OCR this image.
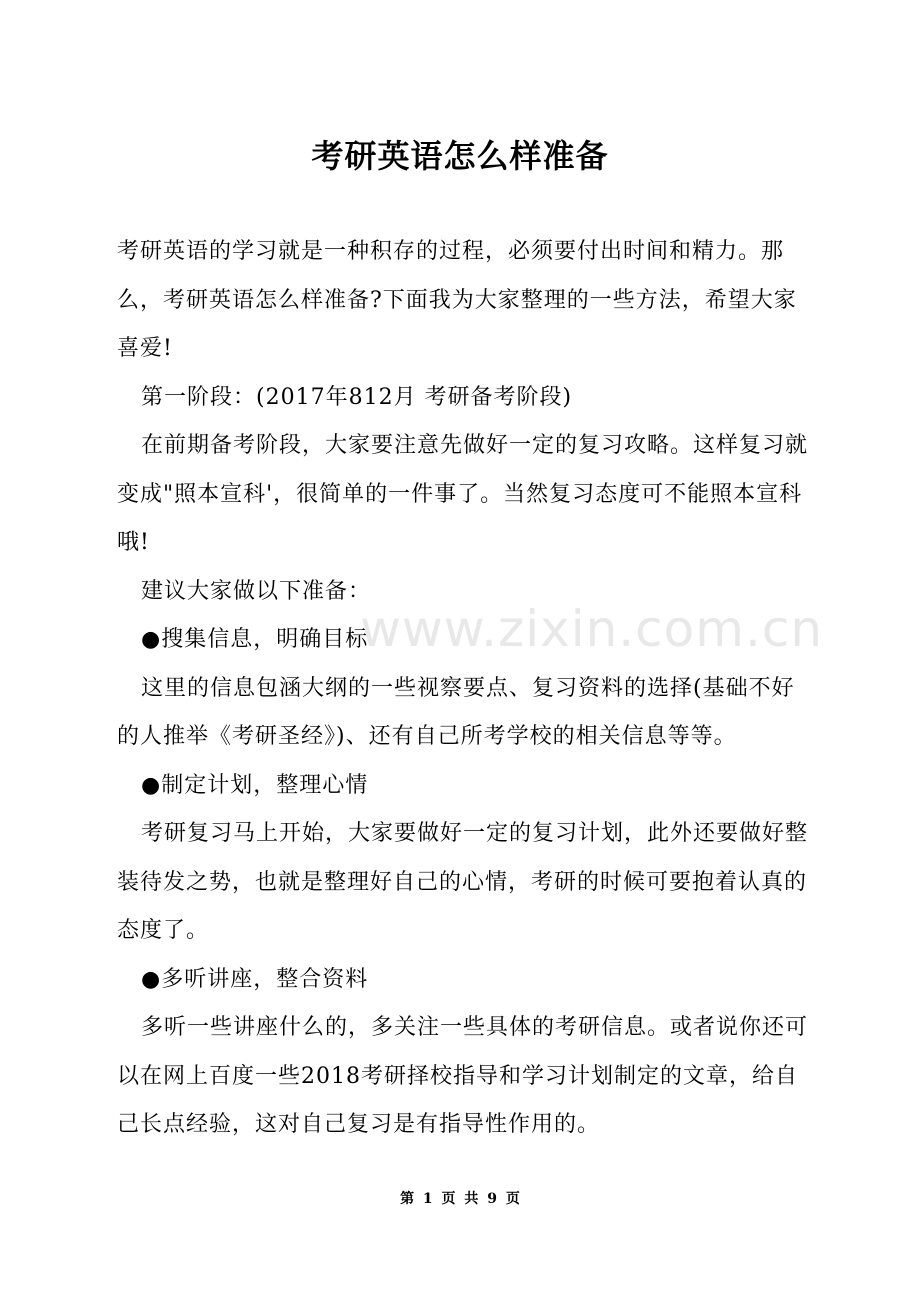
考研英语怎么样准备

考研英语的学习就是一种积存的过程，必须要付出时间和精力。那么，考研英语怎么样准备?下面我为大家整理的一些方法，希望大家喜爱!

第一阶段：(2017年812月 考研备考阶段)

在前期备考阶段，大家要注意先做好一定的复习攻略。这样复习就变成"照本宣科'，很简单的一件事了。当然复习态度可不能照本宣科哦!

建议大家做以下准备：

●搜集信息，明确目标

这里的信息包涵大纲的一些视察要点、复习资料的选择(基础不好的人推举《考研圣经》)、还有自己所考学校的相关信息等等。

●制定计划，整理心情

考研复习马上开始，大家要做好一定的复习计划，此外还要做好整装待发之势，也就是整理好自己的心情，考研的时候可要抱着认真的态度了。

●多听讲座，整合资料

多听一些讲座什么的，多关注一些具体的考研信息。或者说你还可以在网上百度一些2018考研择校指导和学习计划制定的文章，给自己长点经验，这对自己复习是有指导性作用的。

www.zixin.com.cn
第 1 页 共 9 页
